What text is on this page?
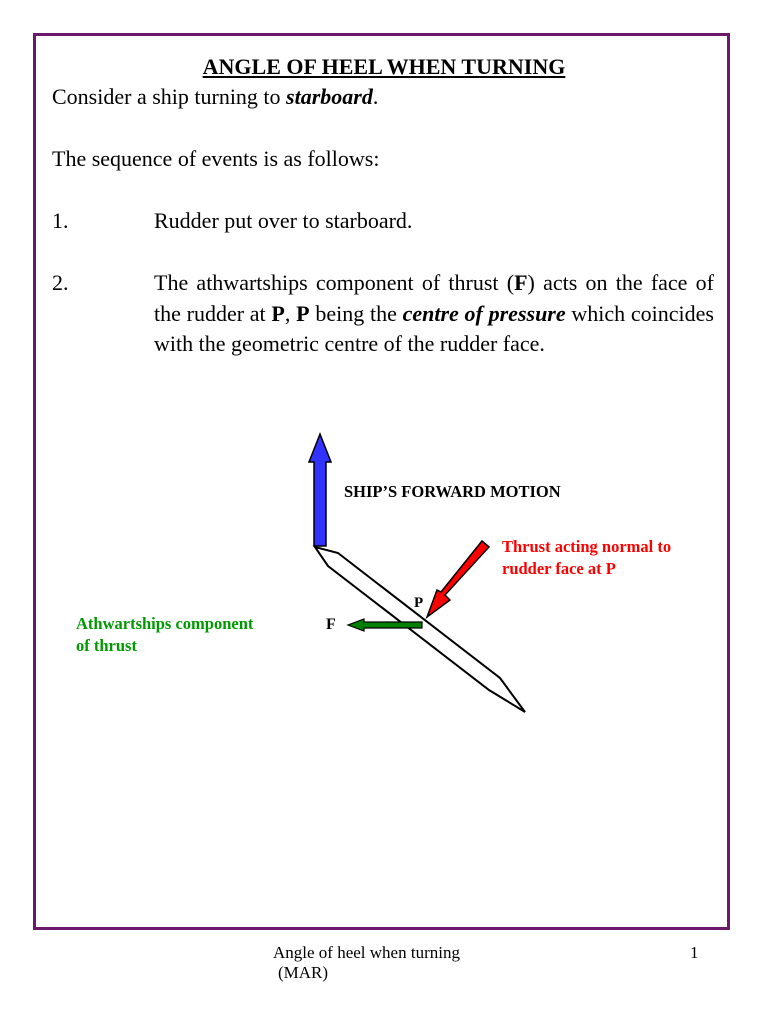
ANGLE OF HEEL WHEN TURNING
Consider a ship turning to starboard.
The sequence of events is as follows:
1.	Rudder put over to starboard.
2.	The athwartships component of thrust (F) acts on the face of the rudder at P, P being the centre of pressure which coincides with the geometric centre of the rudder face.
SHIP’S FORWARD MOTION
Thrust acting normal to
rudder face at P
P
F
Athwartships component
of thrust
Angle of heel when turning
(MAR)
1
